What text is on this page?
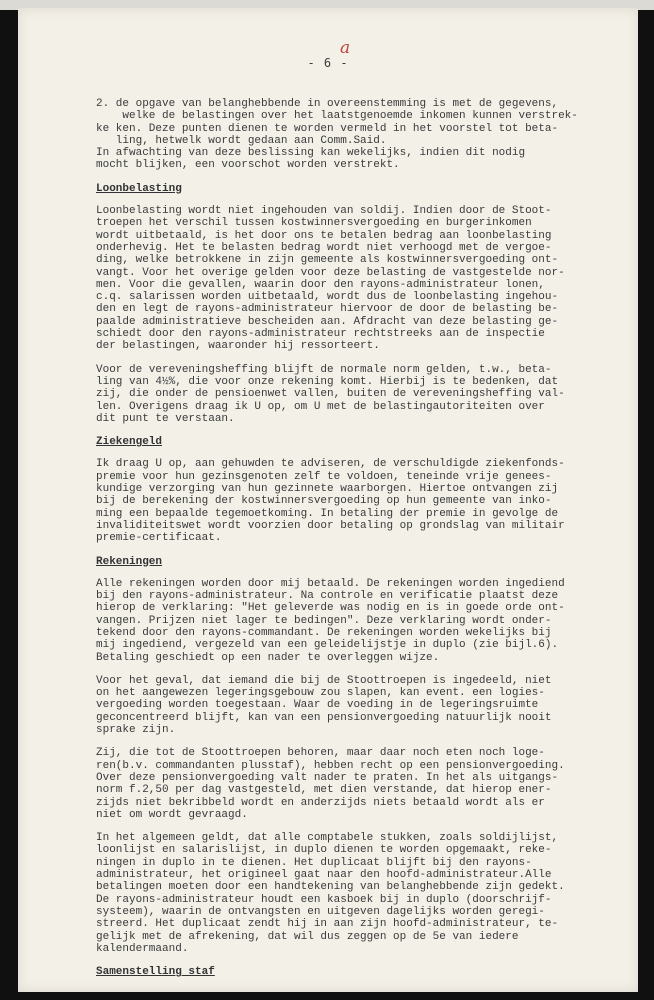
a
- 6 -
2. de opgave van belanghebbende in overeenstemming is met de gegevens,
welke de belastingen over het laatstgenoemde inkomen kunnen verstrek-
ke ken. Deze punten dienen te worden vermeld in het voorstel tot beta-
ling, hetwelk wordt gedaan aan Comm.Said.
In afwachting van deze beslissing kan wekelijks, indien dit nodig
mocht blijken, een voorschot worden verstrekt.
Loonbelasting
Loonbelasting wordt niet ingehouden van soldij. Indien door de Stoot-
troepen het verschil tussen kostwinnersvergoeding en burgerinkomen
wordt uitbetaald, is het door ons te betalen bedrag aan loonbelasting
onderhevig. Het te belasten bedrag wordt niet verhoogd met de vergoe-
ding, welke betrokkene in zijn gemeente als kostwinnersvergoeding ont-
vangt. Voor het overige gelden voor deze belasting de vastgestelde nor-
men. Voor die gevallen, waarin door den rayons-administrateur lonen,
c.q. salarissen worden uitbetaald, wordt dus de loonbelasting ingehou-
den en legt de rayons-administrateur hiervoor de door de belasting be-
paalde administratieve bescheiden aan. Afdracht van deze belasting ge-
schiedt door den rayons-administrateur rechtstreeks aan de inspectie
der belastingen, waaronder hij ressorteert.
Voor de vereveningsheffing blijft de normale norm gelden, t.w., beta-
ling van 4½%, die voor onze rekening komt. Hierbij is te bedenken, dat
zij, die onder de pensioenwet vallen, buiten de vereveningsheffing val-
len. Overigens draag ik U op, om U met de belastingautoriteiten over
dit punt te verstaan.
Ziekengeld
Ik draag U op, aan gehuwden te adviseren, de verschuldigde ziekenfonds-
premie voor hun gezinsgenoten zelf te voldoen, teneinde vrije genees-
kundige verzorging van hun gezinnete waarborgen. Hiertoe ontvangen zij
bij de berekening der kostwinnersvergoeding op hun gemeente van inko-
ming een bepaalde tegemoetkoming. In betaling der premie in gevolge de
invaliditeitswet wordt voorzien door betaling op grondslag van militair
premie-certificaat.
Rekeningen
Alle rekeningen worden door mij betaald. De rekeningen worden ingediend
bij den rayons-administrateur. Na controle en verificatie plaatst deze
hierop de verklaring: "Het geleverde was nodig en is in goede orde ont-
vangen. Prijzen niet lager te bedingen". Deze verklaring wordt onder-
tekend door den rayons-commandant. De rekeningen worden wekelijks bij
mij ingediend, vergezeld van een geleidelijstje in duplo (zie bijl.6).
Betaling geschiedt op een nader te overleggen wijze.
Voor het geval, dat iemand die bij de Stoottroepen is ingedeeld, niet
on het aangewezen legeringsgebouw zou slapen, kan event. een logies-
vergoeding worden toegestaan. Waar de voeding in de legeringsruimte
geconcentreerd blijft, kan van een pensionvergoeding natuurlijk nooit
sprake zijn.
Zij, die tot de Stoottroepen behoren, maar daar noch eten noch loge-
ren(b.v. commandanten plusstaf), hebben recht op een pensionvergoeding.
Over deze pensionvergoeding valt nader te praten. In het als uitgangs-
norm f.2,50 per dag vastgesteld, met dien verstande, dat hierop ener-
zijds niet bekribbeld wordt en anderzijds niets betaald wordt als er
niet om wordt gevraagd.
In het algemeen geldt, dat alle comptabele stukken, zoals soldijlijst,
loonlijst en salarislijst, in duplo dienen te worden opgemaakt, reke-
ningen in duplo in te dienen. Het duplicaat blijft bij den rayons-
administrateur, het origineel gaat naar den hoofd-administrateur.Alle
betalingen moeten door een handtekening van belanghebbende zijn gedekt.
De rayons-administrateur houdt een kasboek bij in duplo (doorschrijf-
systeem), waarin de ontvangsten en uitgeven dagelijks worden geregi-
streerd. Het duplicaat zendt hij in aan zijn hoofd-administrateur, te-
gelijk met de afrekening, dat wil dus zeggen op de 5e van iedere
kalendermaand.
Samenstelling staf
